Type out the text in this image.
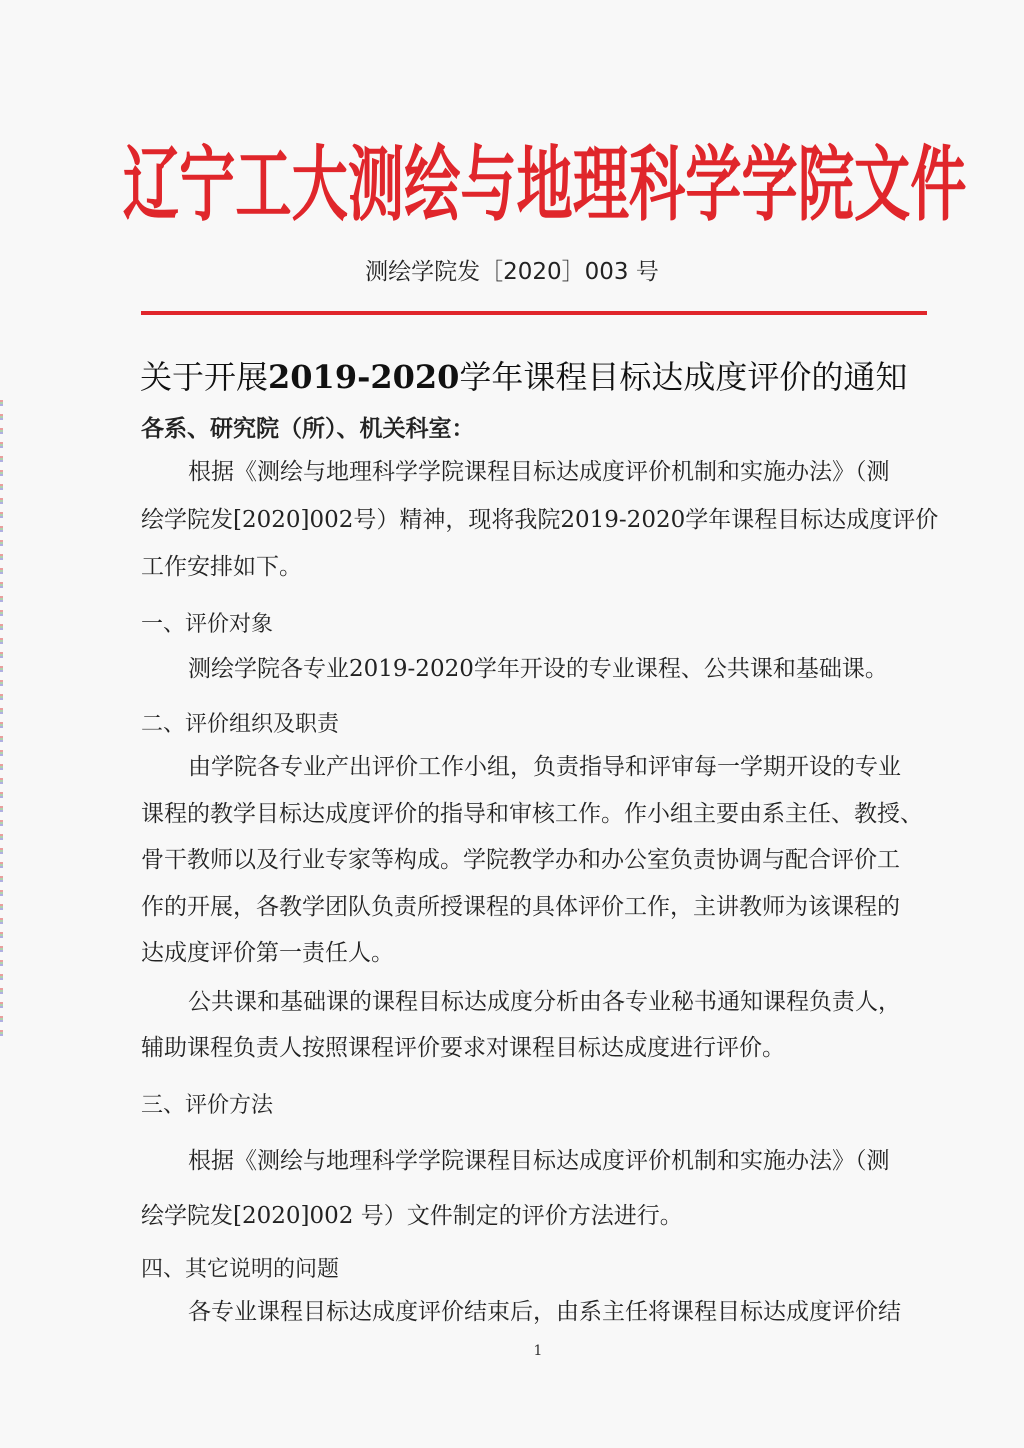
辽宁工大测绘与地理科学学院文件
测绘学院发［2020］003 号
关于开展2019-2020学年课程目标达成度评价的通知
各系、研究院（所）、机关科室：
根据《测绘与地理科学学院课程目标达成度评价机制和实施办法》（测
绘学院发[2020]002号）精神，现将我院2019-2020学年课程目标达成度评价
工作安排如下。
一、评价对象
测绘学院各专业2019-2020学年开设的专业课程、公共课和基础课。
二、评价组织及职责
由学院各专业产出评价工作小组，负责指导和评审每一学期开设的专业
课程的教学目标达成度评价的指导和审核工作。作小组主要由系主任、教授、
骨干教师以及行业专家等构成。学院教学办和办公室负责协调与配合评价工
作的开展，各教学团队负责所授课程的具体评价工作，主讲教师为该课程的
达成度评价第一责任人。
公共课和基础课的课程目标达成度分析由各专业秘书通知课程负责人，
辅助课程负责人按照课程评价要求对课程目标达成度进行评价。
三、评价方法
根据《测绘与地理科学学院课程目标达成度评价机制和实施办法》（测
绘学院发[2020]002 号）文件制定的评价方法进行。
四、其它说明的问题
各专业课程目标达成度评价结束后，由系主任将课程目标达成度评价结
1
